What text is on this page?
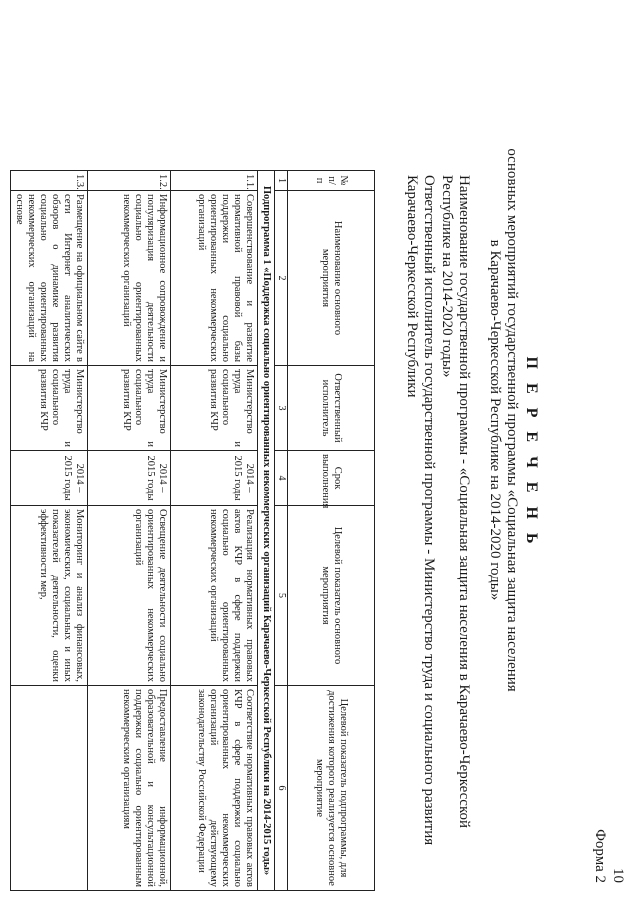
10
Форма 2
П Е Р Е Ч Е Н Ь
основных мероприятий государственной программы «Социальная защита населения
в Карачаево-Черкесской Республике на 2014-2020 годы»
Наименование государственной программы - «Социальная защита населения в Карачаево-Черкесской Республике на 2014-2020 годы»
Ответственный исполнитель государственной программы - Министерство труда и социального развития Карачаево-Черкесской Республики
№ п/п	Наименование основного мероприятия	Ответственный исполнитель	Срок выполнения	Целевой показатель основного мероприятия	Целевой показатель подпрограммы, для достижения которого реализуется основное мероприятие
1	2	3	4	5	6
Подпрограмма 1 «Поддержка социально ориентированных некоммерческих организаций Карачаево-Черкесской Республики на 2014-2015 годы»					
1.1.	Совершенствование и развитие нормативной правовой базы поддержки социально ориентированных некоммерческих организаций	Министерство труда и социального развития КЧР	2014 – 2015 годы	Реализация нормативных правовых актов КЧР в сфере поддержки социально ориентированных некоммерческих организаций	Соответствие нормативных правовых актов КЧР в сфере поддержки социально ориентированных некоммерческих организаций действующему законодательству Российской Федерации
1.2.	Информационное сопровождение и популяризация деятельности социально ориентированных некоммерческих организаций	Министерство труда и социального развития КЧР	2014 – 2015 годы	Освещение деятельности социально ориентированных некоммерческих организаций	Предоставление информационной, образовательной и консультационной поддержки социально ориентированным некоммерческим организациям
1.3.	Размещение на официальном сайте в сети Интернет аналитических обзоров о динамике развития социально ориентированных некоммерческих организаций на основе	Министерство труда и социального развития КЧР	2014 – 2015 годы	Мониторинг и анализ финансовых, экономических, социальных и иных показателей деятельности, оценки эффективности мер,	
